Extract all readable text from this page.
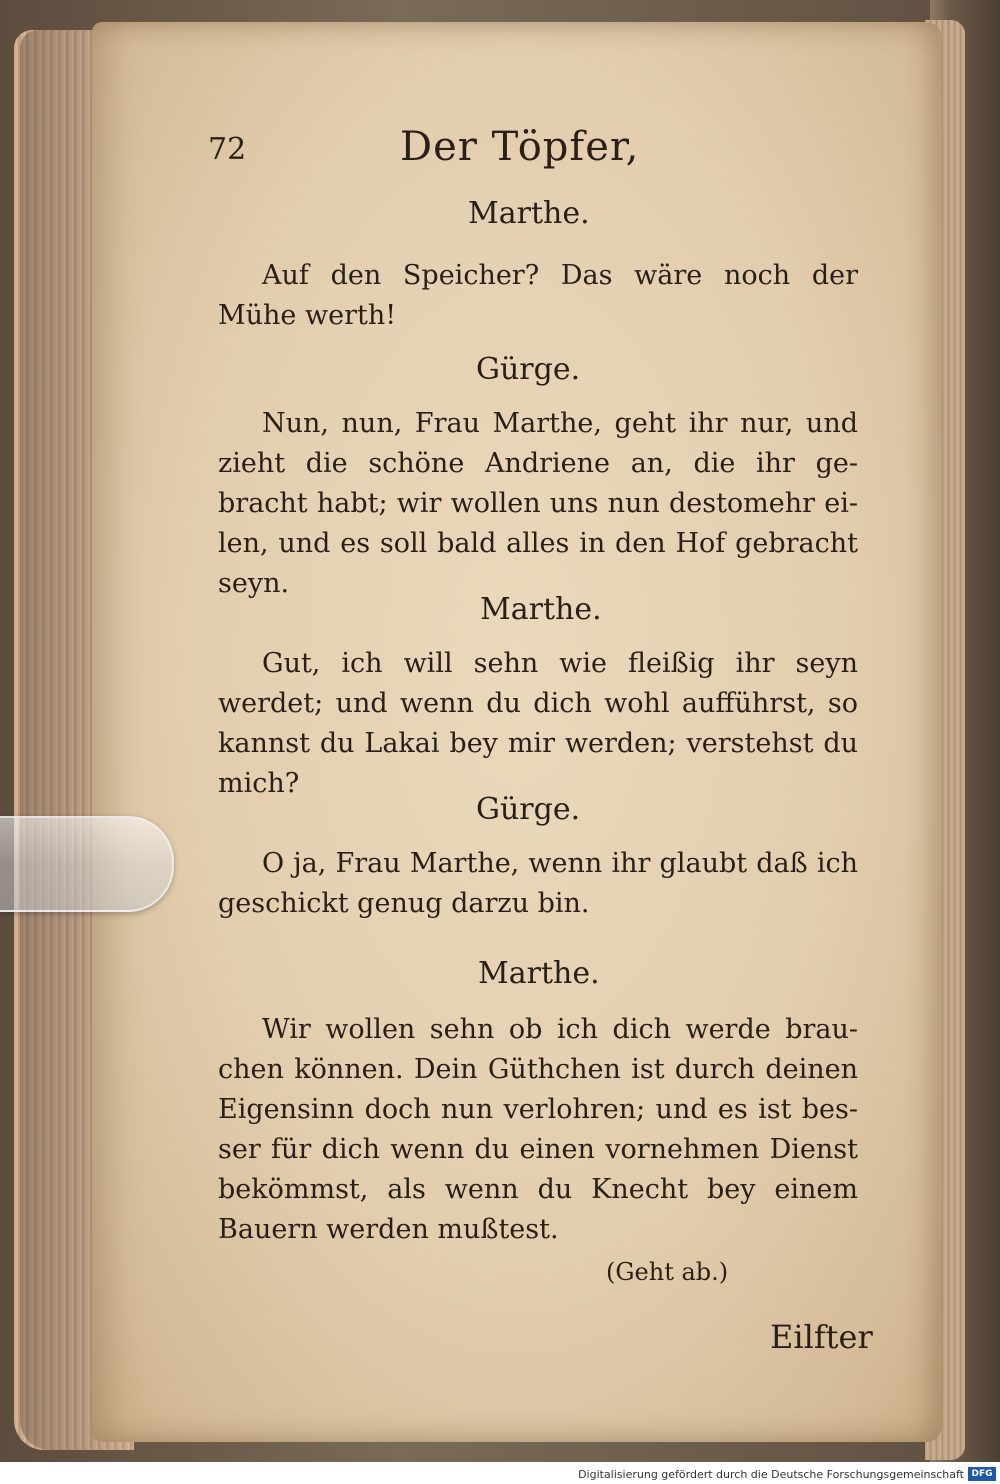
72	Der Töpfer,
Marthe.
Auf den Speicher? Das wäre noch der Mühe werth!
Gürge.
Nun, nun, Frau Marthe, geht ihr nur, und zieht die schöne Andriene an, die ihr ge- bracht habt; wir wollen uns nun destomehr ei- len, und es soll bald alles in den Hof gebracht seyn.
Marthe.
Gut, ich will sehn wie fleißig ihr seyn werdet; und wenn du dich wohl aufführst, so kannst du Lakai bey mir werden; verstehst du mich?
Gürge.
O ja, Frau Marthe, wenn ihr glaubt daß ich geschickt genug darzu bin.
Marthe.
Wir wollen sehn ob ich dich werde brau- chen können. Dein Güthchen ist durch deinen Eigensinn doch nun verlohren; und es ist bes- ser für dich wenn du einen vornehmen Dienst bekömmst, als wenn du Knecht bey einem Bauern werden mußtest.
(Geht ab.)
Eilfter
Digitalisierung gefördert durch die Deutsche Forschungsgemeinschaft DFG
